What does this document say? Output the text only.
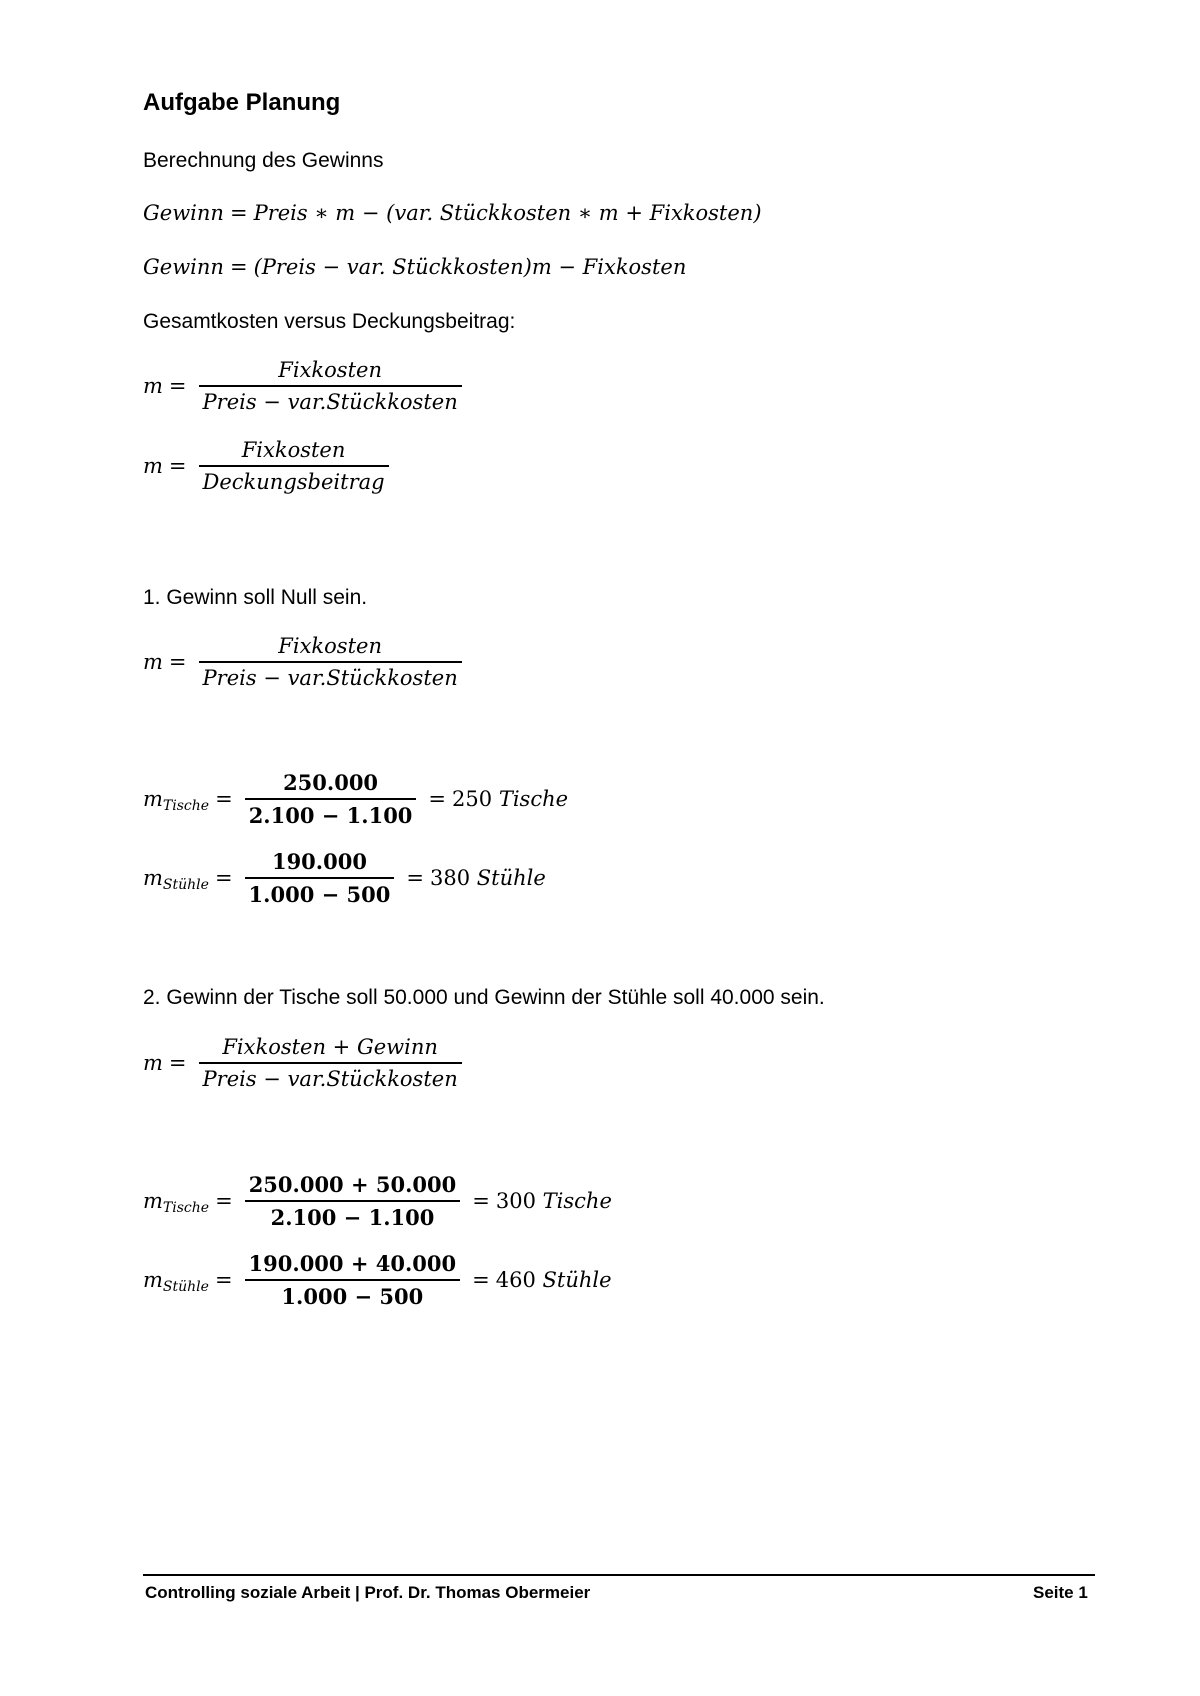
Aufgabe Planung
Berechnung des Gewinns
Gewinn = Preis ∗ m − (var. Stückkosten ∗ m + Fixkosten)
Gewinn = (Preis − var. Stückkosten)m − Fixkosten
Gesamtkosten versus Deckungsbeitrag:
$m = \frac{\text{Fixkosten}}{\text{Preis − var.Stückkosten}}$
$m = \frac{\text{Fixkosten}}{\text{Deckungsbeitrag}}$
1. Gewinn soll Null sein.
$m = \frac{\text{Fixkosten}}{\text{Preis − var.Stückkosten}}$
m Tische = $\frac{250.000}{2.100 - 1.100} = 250$
Tische
m Stühle = $\frac{190.000}{1.000 - 500} = 380$
Stühle
2. Gewinn der Tische soll 50.000 und Gewinn der Stühle soll 40.000 sein.
$m = \frac{\text{Fixkosten + Gewinn}}{\text{Preis − var.Stückkosten}}$
m Tische = $\frac{250.000 + 50.000}{2.100 - 1.100} = 300$
Tische
m Stühle = $\frac{190.000 + 40.000}{1.000 - 500} = 460$
Stühle
Controlling soziale Arbeit | Prof. Dr. Thomas Obermeier	Seite 1
